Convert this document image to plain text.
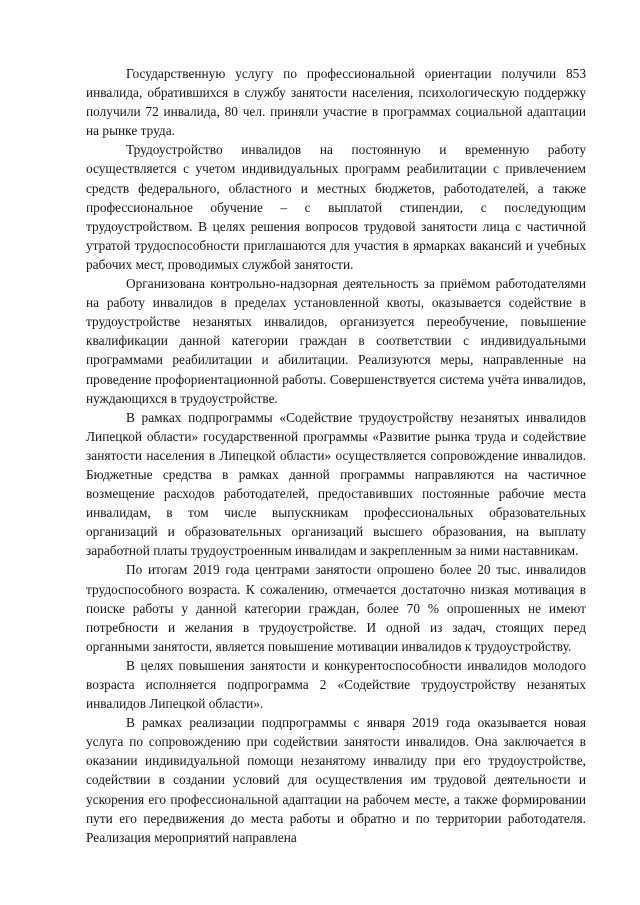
Государственную услугу по профессиональной ориентации получили 853 инвалида, обратившихся в службу занятости населения, психологическую поддержку получили 72 инвалида, 80 чел. приняли участие в программах социальной адаптации на рынке труда.

Трудоустройство инвалидов на постоянную и временную работу осуществляется с учетом индивидуальных программ реабилитации с привлечением средств федерального, областного и местных бюджетов, работодателей, а также профессиональное обучение – с выплатой стипендии, с последующим трудоустройством. В целях решения вопросов трудовой занятости лица с частичной утратой трудоспособности приглашаются для участия в ярмарках вакансий и учебных рабочих мест, проводимых службой занятости.

Организована контрольно-надзорная деятельность за приёмом работодателями на работу инвалидов в пределах установленной квоты, оказывается содействие в трудоустройстве незанятых инвалидов, организуется переобучение, повышение квалификации данной категории граждан в соответствии с индивидуальными программами реабилитации и абилитации. Реализуются меры, направленные на проведение профориентационной работы. Совершенствуется система учёта инвалидов, нуждающихся в трудоустройстве.

В рамках подпрограммы «Содействие трудоустройству незанятых инвалидов Липецкой области» государственной программы «Развитие рынка труда и содействие занятости населения в Липецкой области» осуществляется сопровождение инвалидов. Бюджетные средства в рамках данной программы направляются на частичное возмещение расходов работодателей, предоставивших постоянные рабочие места инвалидам, в том числе выпускникам профессиональных образовательных организаций и образовательных организаций высшего образования, на выплату заработной платы трудоустроенным инвалидам и закрепленным за ними наставникам.

По итогам 2019 года центрами занятости опрошено более 20 тыс. инвалидов трудоспособного возраста. К сожалению, отмечается достаточно низкая мотивация в поиске работы у данной категории граждан, более 70 % опрошенных не имеют потребности и желания в трудоустройстве. И одной из задач, стоящих перед органными занятости, является повышение мотивации инвалидов к трудоустройству.

В целях повышения занятости и конкурентоспособности инвалидов молодого возраста исполняется подпрограмма 2 «Содействие трудоустройству незанятых инвалидов Липецкой области».

В рамках реализации подпрограммы с января 2019 года оказывается новая услуга по сопровождению при содействии занятости инвалидов. Она заключается в оказании индивидуальной помощи незанятому инвалиду при его трудоустройстве, содействии в создании условий для осуществления им трудовой деятельности и ускорения его профессиональной адаптации на рабочем месте, а также формировании пути его передвижения до места работы и обратно и по территории работодателя. Реализация мероприятий направлена
